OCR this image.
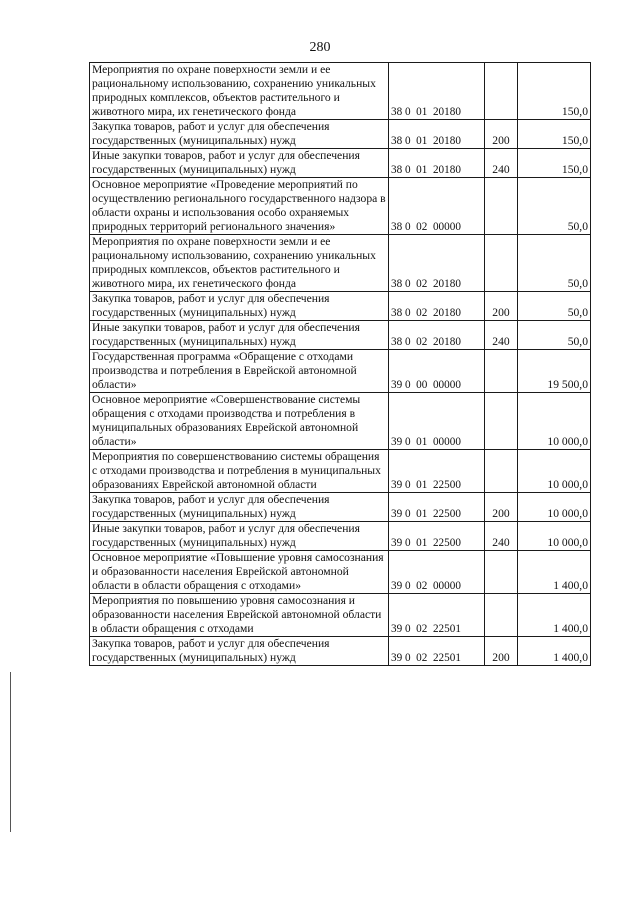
280
Мероприятия по охране поверхности земли и ее рациональному использованию, сохранению уникальных природных комплексов, объектов растительного и животного мира, их генетического фонда	38 0  01  20180		150,0
Закупка товаров, работ и услуг для обеспечения государственных (муниципальных) нужд	38 0  01  20180	200	150,0
Иные закупки товаров, работ и услуг для обеспечения государственных (муниципальных) нужд	38 0  01  20180	240	150,0
Основное мероприятие «Проведение мероприятий по осуществлению регионального государственного надзора в области охраны и использования особо охраняемых природных территорий регионального значения»	38 0  02  00000		50,0
Мероприятия по охране поверхности земли и ее рациональному использованию, сохранению уникальных природных комплексов, объектов растительного и животного мира, их генетического фонда	38 0  02  20180		50,0
Закупка товаров, работ и услуг для обеспечения государственных (муниципальных) нужд	38 0  02  20180	200	50,0
Иные закупки товаров, работ и услуг для обеспечения государственных (муниципальных) нужд	38 0  02  20180	240	50,0
Государственная программа «Обращение с отходами производства и потребления в Еврейской автономной области»	39 0  00  00000		19 500,0
Основное мероприятие «Совершенствование системы обращения с отходами производства и потребления в муниципальных образованиях Еврейской автономной области»	39 0  01  00000		10 000,0
Мероприятия по совершенствованию системы обращения с отходами производства и потребления в муниципальных образованиях Еврейской автономной области	39 0  01  22500		10 000,0
Закупка товаров, работ и услуг для обеспечения государственных (муниципальных) нужд	39 0  01  22500	200	10 000,0
Иные закупки товаров, работ и услуг для обеспечения государственных (муниципальных) нужд	39 0  01  22500	240	10 000,0
Основное мероприятие «Повышение уровня самосознания и образованности населения Еврейской автономной области в области обращения с отходами»	39 0  02  00000		1 400,0
Мероприятия по повышению уровня самосознания и образованности населения Еврейской автономной области в области обращения с отходами	39 0  02  22501		1 400,0
Закупка товаров, работ и услуг для обеспечения государственных (муниципальных) нужд	39 0  02  22501	200	1 400,0
